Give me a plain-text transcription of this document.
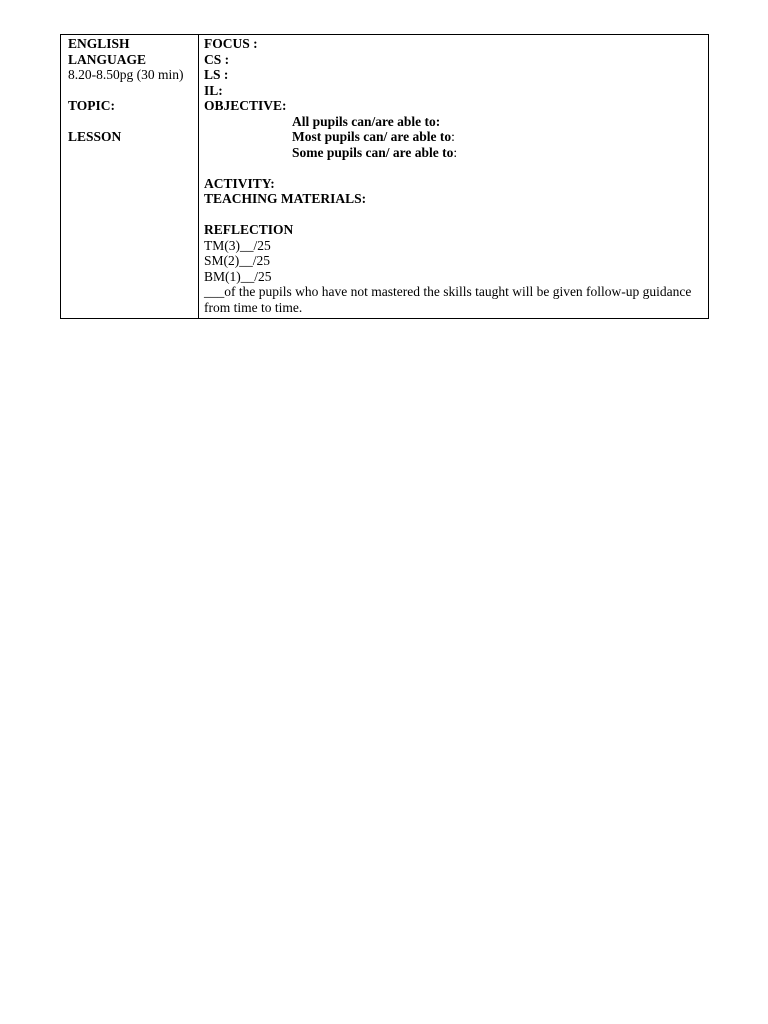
ENGLISH
LANGUAGE
8.20-8.50pg (30 min)
TOPIC:
LESSON
FOCUS :
CS :
LS :
IL:
OBJECTIVE:
All pupils can/are able to:
Most pupils can/ are able to:
Some pupils can/ are able to:
ACTIVITY:
TEACHING MATERIALS:
REFLECTION
TM(3)__/25
SM(2)__/25
BM(1)__/25
___of the pupils who have not mastered the skills taught will be given follow-up guidance from time to time.
